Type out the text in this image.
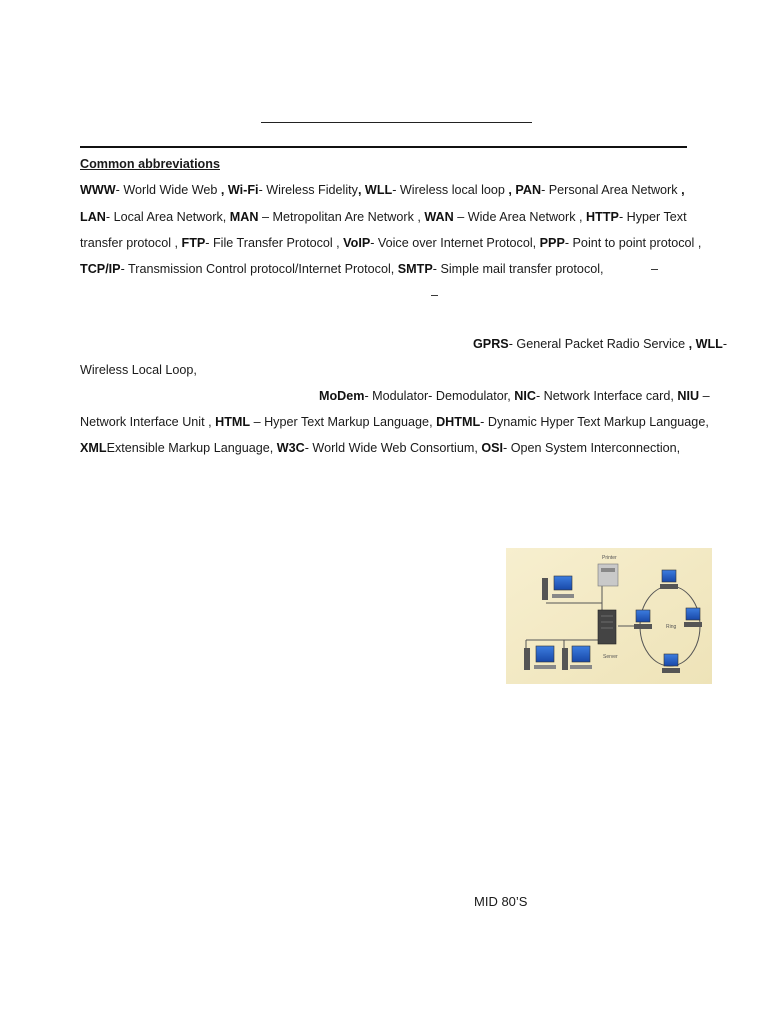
Common abbreviations
WWW- World Wide Web , Wi-Fi- Wireless Fidelity, WLL- Wireless local loop , PAN- Personal Area Network ,
LAN- Local Area Network, MAN – Metropolitan Are Network , WAN – Wide Area Network , HTTP- Hyper Text
transfer protocol , FTP- File Transfer Protocol , VoIP- Voice over Internet Protocol, PPP- Point to point protocol ,
TCP/IP- Transmission Control protocol/Internet Protocol, SMTP- Simple mail transfer protocol,	–
–
GPRS- General Packet Radio Service , WLL-
Wireless Local Loop,
MoDem- Modulator- Demodulator, NIC- Network Interface card, NIU –
Network Interface Unit , HTML – Hyper Text Markup Language, DHTML- Dynamic Hyper Text Markup Language,
XMLExtensible Markup Language, W3C- World Wide Web Consortium, OSI- Open System Interconnection,
Printer
Server
Ring
MID 80’S
